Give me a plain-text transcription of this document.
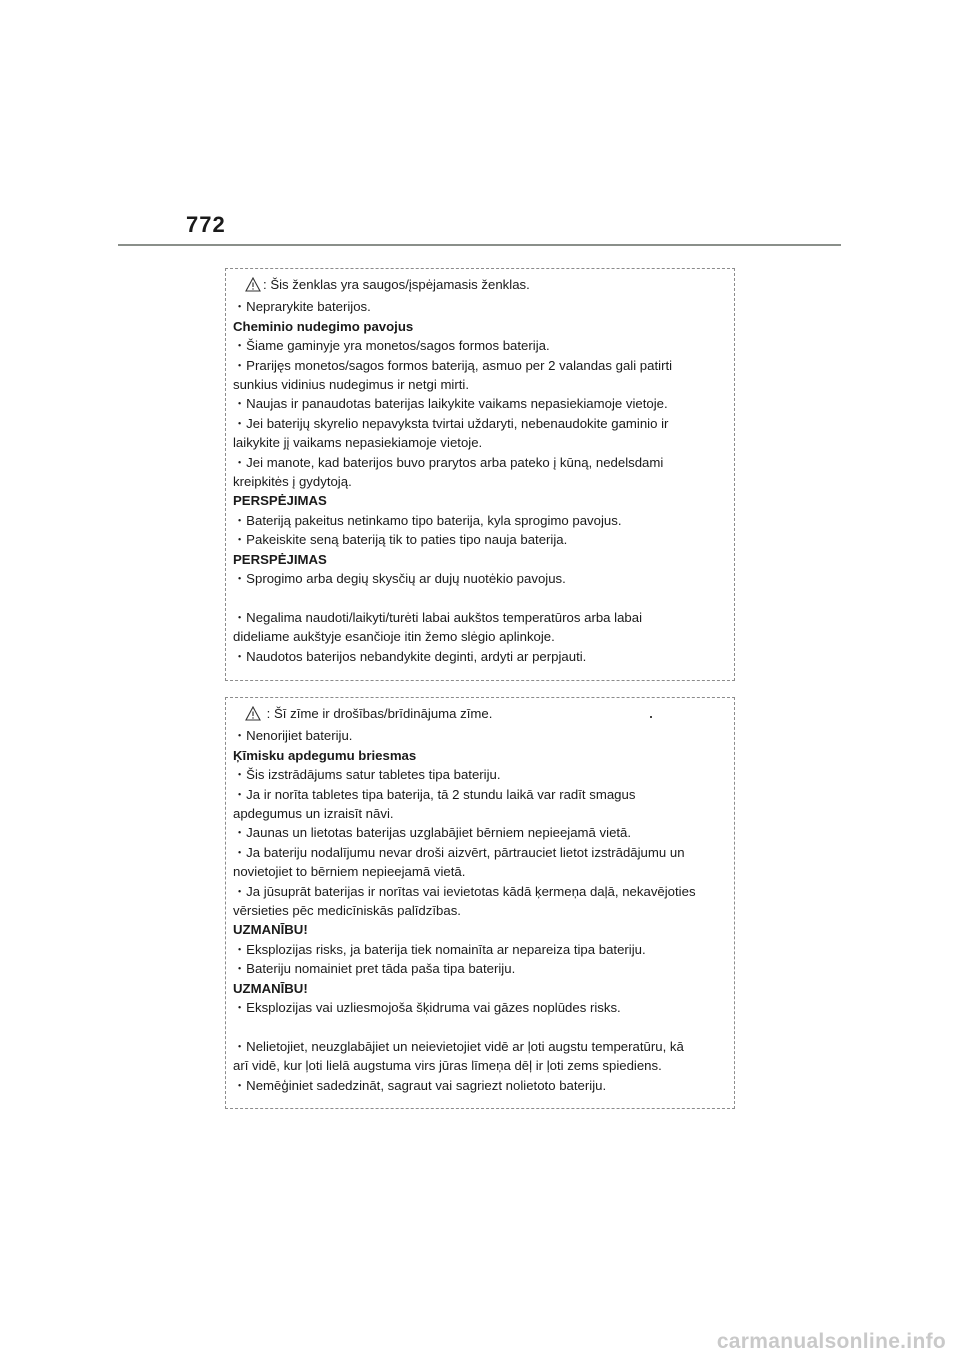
772
: Šis ženklas yra saugos/įspėjamasis ženklas.
・Neprarykite baterijos.
Cheminio nudegimo pavojus
・Šiame gaminyje yra monetos/sagos formos baterija.
・Prarijęs monetos/sagos formos bateriją, asmuo per 2 valandas gali patirti
sunkius vidinius nudegimus ir netgi mirti.
・Naujas ir panaudotas baterijas laikykite vaikams nepasiekiamoje vietoje.
・Jei baterijų skyrelio nepavyksta tvirtai uždaryti, nebenaudokite gaminio ir
laikykite jį vaikams nepasiekiamoje vietoje.
・Jei manote, kad baterijos buvo prarytos arba pateko į kūną, nedelsdami
kreipkitės į gydytoją.
PERSPĖJIMAS
・Bateriją pakeitus netinkamo tipo baterija, kyla sprogimo pavojus.
・Pakeiskite seną bateriją tik to paties tipo nauja baterija.
PERSPĖJIMAS
・Sprogimo arba degių skysčių ar dujų nuotėkio pavojus.
・Negalima naudoti/laikyti/turėti labai aukštos temperatūros arba labai
dideliame aukštyje esančioje itin žemo slėgio aplinkoje.
・Naudotos baterijos nebandykite deginti, ardyti ar perpjauti.
: Šī zīme ir drošības/brīdinājuma zīme.
・Nenorijiet bateriju.
Ķīmisku apdegumu briesmas
・Šis izstrādājums satur tabletes tipa bateriju.
・Ja ir norīta tabletes tipa baterija, tā 2 stundu laikā var radīt smagus
apdegumus un izraisīt nāvi.
・Jaunas un lietotas baterijas uzglabājiet bērniem nepieejamā vietā.
・Ja bateriju nodalījumu nevar droši aizvērt, pārtrauciet lietot izstrādājumu un
novietojiet to bērniem nepieejamā vietā.
・Ja jūsuprāt baterijas ir norītas vai ievietotas kādā ķermeņa daļā, nekavējoties
vērsieties pēc medicīniskās palīdzības.
UZMANĪBU!
・Eksplozijas risks, ja baterija tiek nomainīta ar nepareiza tipa bateriju.
・Bateriju nomainiet pret tāda paša tipa bateriju.
UZMANĪBU!
・Eksplozijas vai uzliesmojoša šķidruma vai gāzes noplūdes risks.
・Nelietojiet, neuzglabājiet un neievietojiet vidē ar ļoti augstu temperatūru, kā
arī vidē, kur ļoti lielā augstuma virs jūras līmeņa dēļ ir ļoti zems spiediens.
・Nemēģiniet sadedzināt, sagraut vai sagriezt nolietoto bateriju.
carmanualsonline.info
